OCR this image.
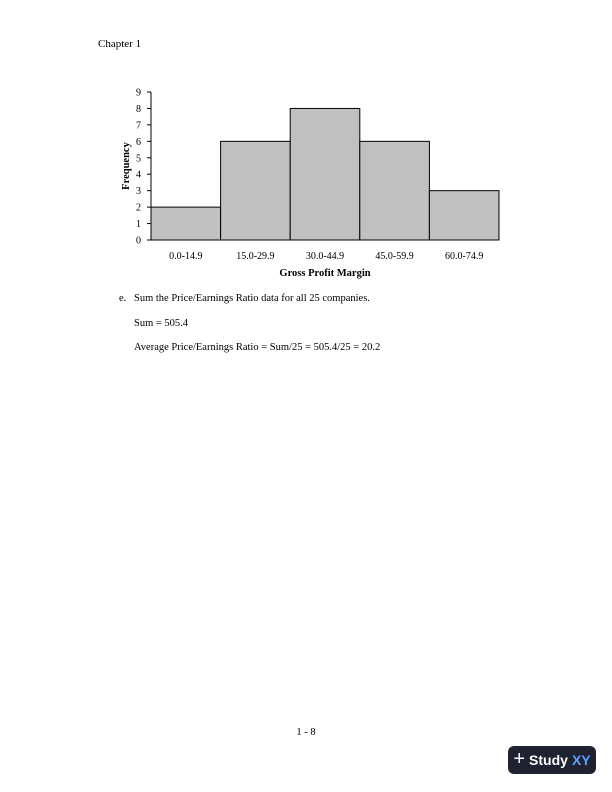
Chapter 1
0.0-14.9	15.0-29.9	30.0-44.9	45.0-59.9	60.0-74.9
0
1
2
3
4
5
6
7
8
9
Gross Profit Margin
Frequency
e. Sum the Price/Earnings Ratio data for all 25 companies.
Sum = 505.4
Average Price/Earnings Ratio = Sum/25 = 505.4/25 = 20.2
1 - 8
+ Study XY
